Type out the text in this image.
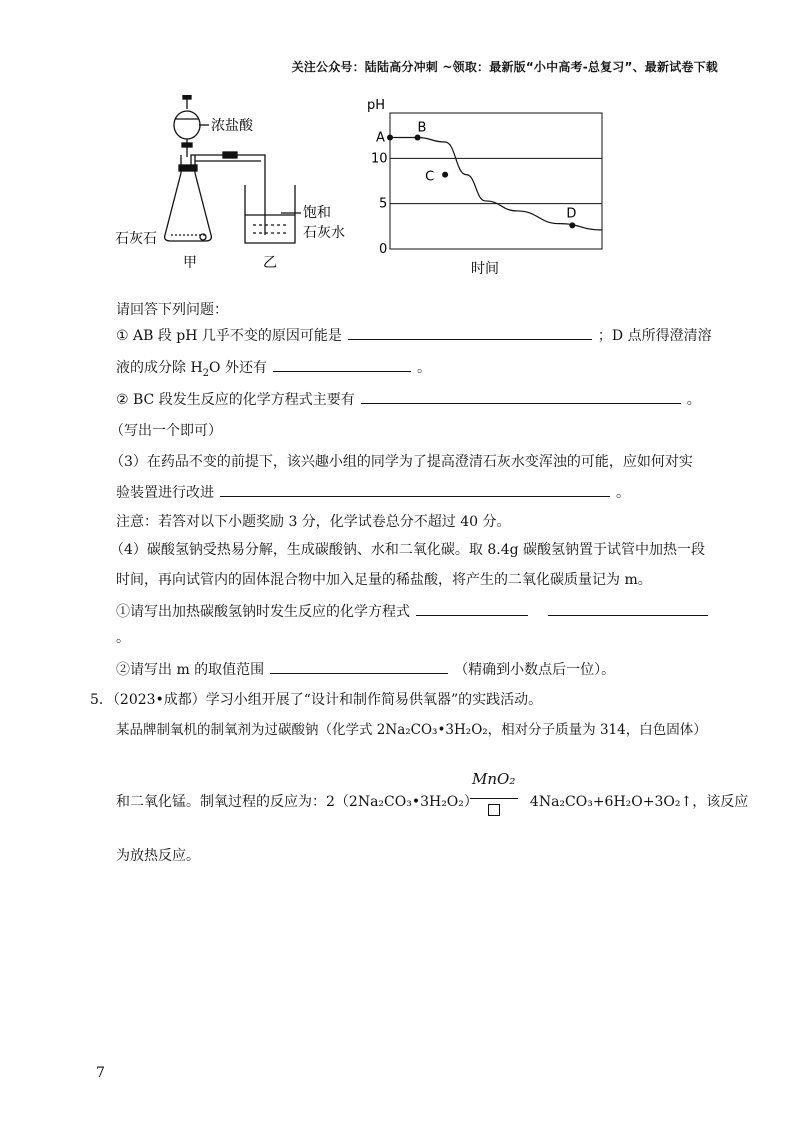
关注公众号：陆陆高分冲刺 ~领取：最新版“小中高考-总复习”、最新试卷下载
浓盐酸
石灰石
饱和
石灰水
甲	乙
pH
时间
0
5
10
A
B
C
D
请回答下列问题：
① AB 段 pH 几乎不变的原因可能是	；D 点所得澄清溶
液的成分除 $H_2O$ 外还有	。
② BC 段发生反应的化学方程式主要有	。
（写出一个即可）
（3）在药品不变的前提下，该兴趣小组的同学为了提高澄清石灰水变浑浊的可能，应如何对实
验装置进行改进	。
注意：若答对以下小题奖励 3 分，化学试卷总分不超过 40 分。
（4）碳酸氢钠受热易分解，生成碳酸钠、水和二氧化碳。取 8.4g 碳酸氢钠置于试管中加热一段
时间，再向试管内的固体混合物中加入足量的稀盐酸，将产生的二氧化碳质量记为 m。
①请写出加热碳酸氢钠时发生反应的化学方程式
。
②请写出 m 的取值范围	（精确到小数点后一位）。
5．（2023•成都）学习小组开展了“设计和制作简易供氧器”的实践活动。
某品牌制氧机的制氧剂为过碳酸钠（化学式 2Na₂CO₃•3H₂O₂，相对分子质量为 314，白色固体）
和二氧化锰。制氧过程的反应为：2（2Na₂CO₃•3H₂O₂）	4Na₂CO₃+6H₂O+3O₂↑，该反应
MnO₂
为放热反应。
7
